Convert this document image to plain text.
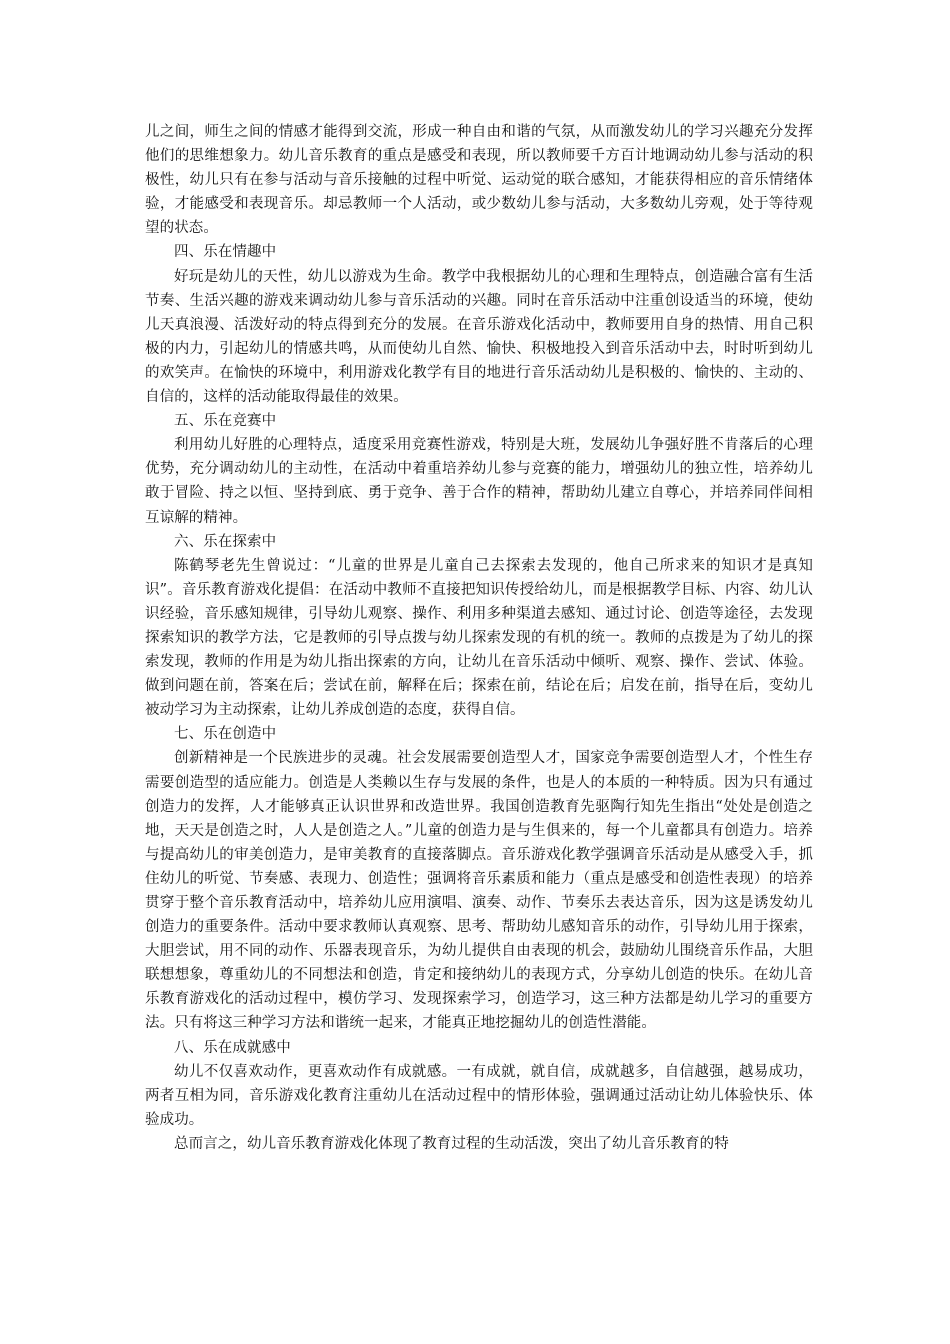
儿之间，师生之间的情感才能得到交流，形成一种自由和谐的气氛，从而激发幼儿的学习兴趣充分发挥他们的思维想象力。幼儿音乐教育的重点是感受和表现，所以教师要千方百计地调动幼儿参与活动的积极性，幼儿只有在参与活动与音乐接触的过程中听觉、运动觉的联合感知，才能获得相应的音乐情绪体验，才能感受和表现音乐。却忌教师一个人活动，或少数幼儿参与活动，大多数幼儿旁观，处于等待观望的状态。

四、乐在情趣中

好玩是幼儿的天性，幼儿以游戏为生命。教学中我根据幼儿的心理和生理特点，创造融合富有生活节奏、生活兴趣的游戏来调动幼儿参与音乐活动的兴趣。同时在音乐活动中注重创设适当的环境，使幼儿天真浪漫、活泼好动的特点得到充分的发展。在音乐游戏化活动中，教师要用自身的热情、用自己积极的内力，引起幼儿的情感共鸣，从而使幼儿自然、愉快、积极地投入到音乐活动中去，时时听到幼儿的欢笑声。在愉快的环境中，利用游戏化教学有目的地进行音乐活动幼儿是积极的、愉快的、主动的、自信的，这样的活动能取得最佳的效果。

五、乐在竞赛中

利用幼儿好胜的心理特点，适度采用竞赛性游戏，特别是大班，发展幼儿争强好胜不肯落后的心理优势，充分调动幼儿的主动性，在活动中着重培养幼儿参与竞赛的能力，增强幼儿的独立性，培养幼儿敢于冒险、持之以恒、坚持到底、勇于竞争、善于合作的精神，帮助幼儿建立自尊心，并培养同伴间相互谅解的精神。

六、乐在探索中

陈鹤琴老先生曾说过：“儿童的世界是儿童自己去探索去发现的，他自己所求来的知识才是真知识”。音乐教育游戏化提倡：在活动中教师不直接把知识传授给幼儿，而是根据教学目标、内容、幼儿认识经验，音乐感知规律，引导幼儿观察、操作、利用多种渠道去感知、通过讨论、创造等途径，去发现探索知识的教学方法，它是教师的引导点拨与幼儿探索发现的有机的统一。教师的点拨是为了幼儿的探索发现，教师的作用是为幼儿指出探索的方向，让幼儿在音乐活动中倾听、观察、操作、尝试、体验。做到问题在前，答案在后；尝试在前，解释在后；探索在前，结论在后；启发在前，指导在后，变幼儿被动学习为主动探索，让幼儿养成创造的态度，获得自信。

七、乐在创造中

创新精神是一个民族进步的灵魂。社会发展需要创造型人才，国家竞争需要创造型人才，个性生存需要创造型的适应能力。创造是人类赖以生存与发展的条件，也是人的本质的一种特质。因为只有通过创造力的发挥，人才能够真正认识世界和改造世界。我国创造教育先驱陶行知先生指出“处处是创造之地，天天是创造之时，人人是创造之人。”儿童的创造力是与生俱来的，每一个儿童都具有创造力。培养与提高幼儿的审美创造力，是审美教育的直接落脚点。音乐游戏化教学强调音乐活动是从感受入手，抓住幼儿的听觉、节奏感、表现力、创造性；强调将音乐素质和能力（重点是感受和创造性表现）的培养贯穿于整个音乐教育活动中，培养幼儿应用演唱、演奏、动作、节奏乐去表达音乐，因为这是诱发幼儿创造力的重要条件。活动中要求教师认真观察、思考、帮助幼儿感知音乐的动作，引导幼儿用于探索，大胆尝试，用不同的动作、乐器表现音乐，为幼儿提供自由表现的机会，鼓励幼儿围绕音乐作品，大胆联想想象，尊重幼儿的不同想法和创造，肯定和接纳幼儿的表现方式，分享幼儿创造的快乐。在幼儿音乐教育游戏化的活动过程中，模仿学习、发现探索学习，创造学习，这三种方法都是幼儿学习的重要方法。只有将这三种学习方法和谐统一起来，才能真正地挖掘幼儿的创造性潜能。

八、乐在成就感中

幼儿不仅喜欢动作，更喜欢动作有成就感。一有成就，就自信，成就越多，自信越强，越易成功，两者互相为同，音乐游戏化教育注重幼儿在活动过程中的情形体验，强调通过活动让幼儿体验快乐、体验成功。

总而言之，幼儿音乐教育游戏化体现了教育过程的生动活泼，突出了幼儿音乐教育的特
